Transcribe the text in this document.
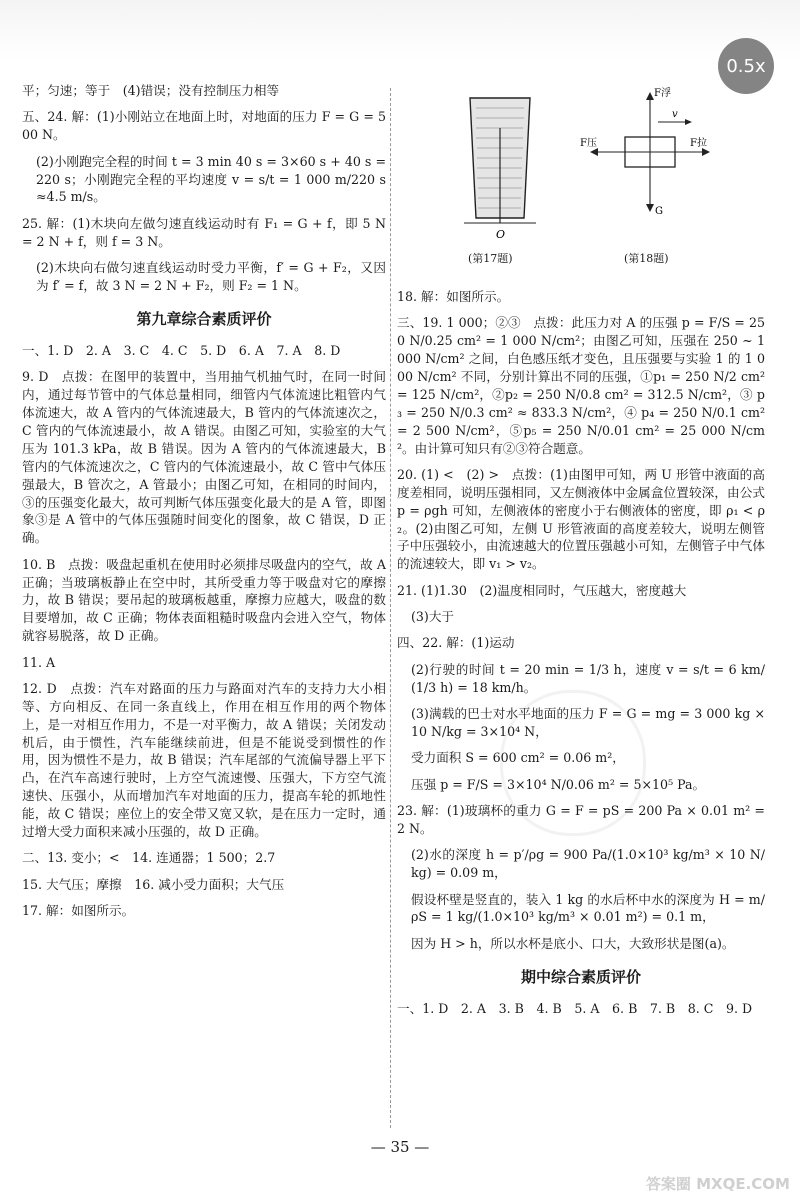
0.5x
平；匀速；等于　(4)错误；没有控制压力相等
五、24. 解：(1)小刚站立在地面上时，对地面的压力 F = G = 500 N。
(2)小刚跑完全程的时间 t = 3 min 40 s = 3×60 s + 40 s = 220 s；小刚跑完全程的平均速度 v = s/t = 1 000 m/220 s ≈4.5 m/s。
25. 解：(1)木块向左做匀速直线运动时有 F₁ = G + f，即 5 N = 2 N + f，则 f = 3 N。
(2)木块向右做匀速直线运动时受力平衡，f′ = G + F₂，又因为 f′ = f，故 3 N = 2 N + F₂，则 F₂ = 1 N。
第九章综合素质评价
一、1. D　2. A　3. C　4. C　5. D　6. A　7. A　8. D
9. D　点拨：在图甲的装置中，当用抽气机抽气时，在同一时间内，通过每节管中的气体总量相同，细管内气体流速比粗管内气体流速大，故 A 管内的气体流速最大，B 管内的气体流速次之，C 管内的气体流速最小，故 A 错误。由图乙可知，实验室的大气压为 101.3 kPa，故 B 错误。因为 A 管内的气体流速最大，B 管内的气体流速次之，C 管内的气体流速最小，故 C 管中气体压强最大，B 管次之，A 管最小；由图乙可知，在相同的时间内，③的压强变化最大，故可判断气体压强变化最大的是 A 管，即图象③是 A 管中的气体压强随时间变化的图象，故 C 错误，D 正确。
10. B　点拨：吸盘起重机在使用时必须排尽吸盘内的空气，故 A 正确；当玻璃板静止在空中时，其所受重力等于吸盘对它的摩擦力，故 B 错误；要吊起的玻璃板越重，摩擦力应越大，吸盘的数目要增加，故 C 正确；物体表面粗糙时吸盘内会进入空气，物体就容易脱落，故 D 正确。
11. A
12. D　点拨：汽车对路面的压力与路面对汽车的支持力大小相等、方向相反、在同一条直线上，作用在相互作用的两个物体上，是一对相互作用力，不是一对平衡力，故 A 错误；关闭发动机后，由于惯性，汽车能继续前进，但是不能说受到惯性的作用，因为惯性不是力，故 B 错误；汽车尾部的气流偏导器上平下凸，在汽车高速行驶时，上方空气流速慢、压强大，下方空气流速快、压强小，从而增加汽车对地面的压力，提高车轮的抓地性能，故 C 错误；座位上的安全带又宽又软，是在压力一定时，通过增大受力面积来减小压强的，故 D 正确。
二、13. 变小；<　14. 连通器；1 500；2.7
15. 大气压；摩擦　16. 减小受力面积；大气压
17. 解：如图所示。
O
(第17题)
F浮
F压	F拉
v
G
(第18题)
18. 解：如图所示。
三、19. 1 000；②③　点拨：此压力对 A 的压强 p = F/S = 250 N/0.25 cm² = 1 000 N/cm²；由图乙可知，压强在 250 ~ 1 000 N/cm² 之间，白色感压纸才变色，且压强要与实验 1 的 1 000 N/cm² 不同，分别计算出不同的压强，①p₁ = 250 N/2 cm² = 125 N/cm²，②p₂ = 250 N/0.8 cm² = 312.5 N/cm²，③ p₃ = 250 N/0.3 cm² ≈ 833.3 N/cm²，④ p₄ = 250 N/0.1 cm² = 2 500 N/cm²，⑤p₅ = 250 N/0.01 cm² = 25 000 N/cm²。由计算可知只有②③符合题意。
20. (1) <　(2) >　点拨：(1)由图甲可知，两 U 形管中液面的高度差相同，说明压强相同，又左侧液体中金属盒位置较深，由公式 p = ρgh 可知，左侧液体的密度小于右侧液体的密度，即 ρ₁ < ρ₂。(2)由图乙可知，左侧 U 形管液面的高度差较大，说明左侧管子中压强较小，由流速越大的位置压强越小可知，左侧管子中气体的流速较大，即 v₁ > v₂。
21. (1)1.30　(2)温度相同时，气压越大，密度越大
(3)大于
四、22. 解：(1)运动
(2)行驶的时间 t = 20 min = 1/3 h，速度 v = s/t = 6 km/(1/3 h) = 18 km/h。
(3)满载的巴士对水平地面的压力 F = G = mg = 3 000 kg × 10 N/kg = 3×10⁴ N，
受力面积 S = 600 cm² = 0.06 m²，
压强 p = F/S = 3×10⁴ N/0.06 m² = 5×10⁵ Pa。
23. 解：(1)玻璃杯的重力 G = F = pS = 200 Pa × 0.01 m² = 2 N。
(2)水的深度 h = p′/ρg = 900 Pa/(1.0×10³ kg/m³ × 10 N/kg) = 0.09 m，
假设杯壁是竖直的，装入 1 kg 的水后杯中水的深度为 H = m/ρS = 1 kg/(1.0×10³ kg/m³ × 0.01 m²) = 0.1 m，
因为 H > h，所以水杯是底小、口大，大致形状是图(a)。
期中综合素质评价
一、1. D　2. A　3. B　4. B　5. A　6. B　7. B　8. C　9. D
— 35 —
答案圈 MXQE.COM
